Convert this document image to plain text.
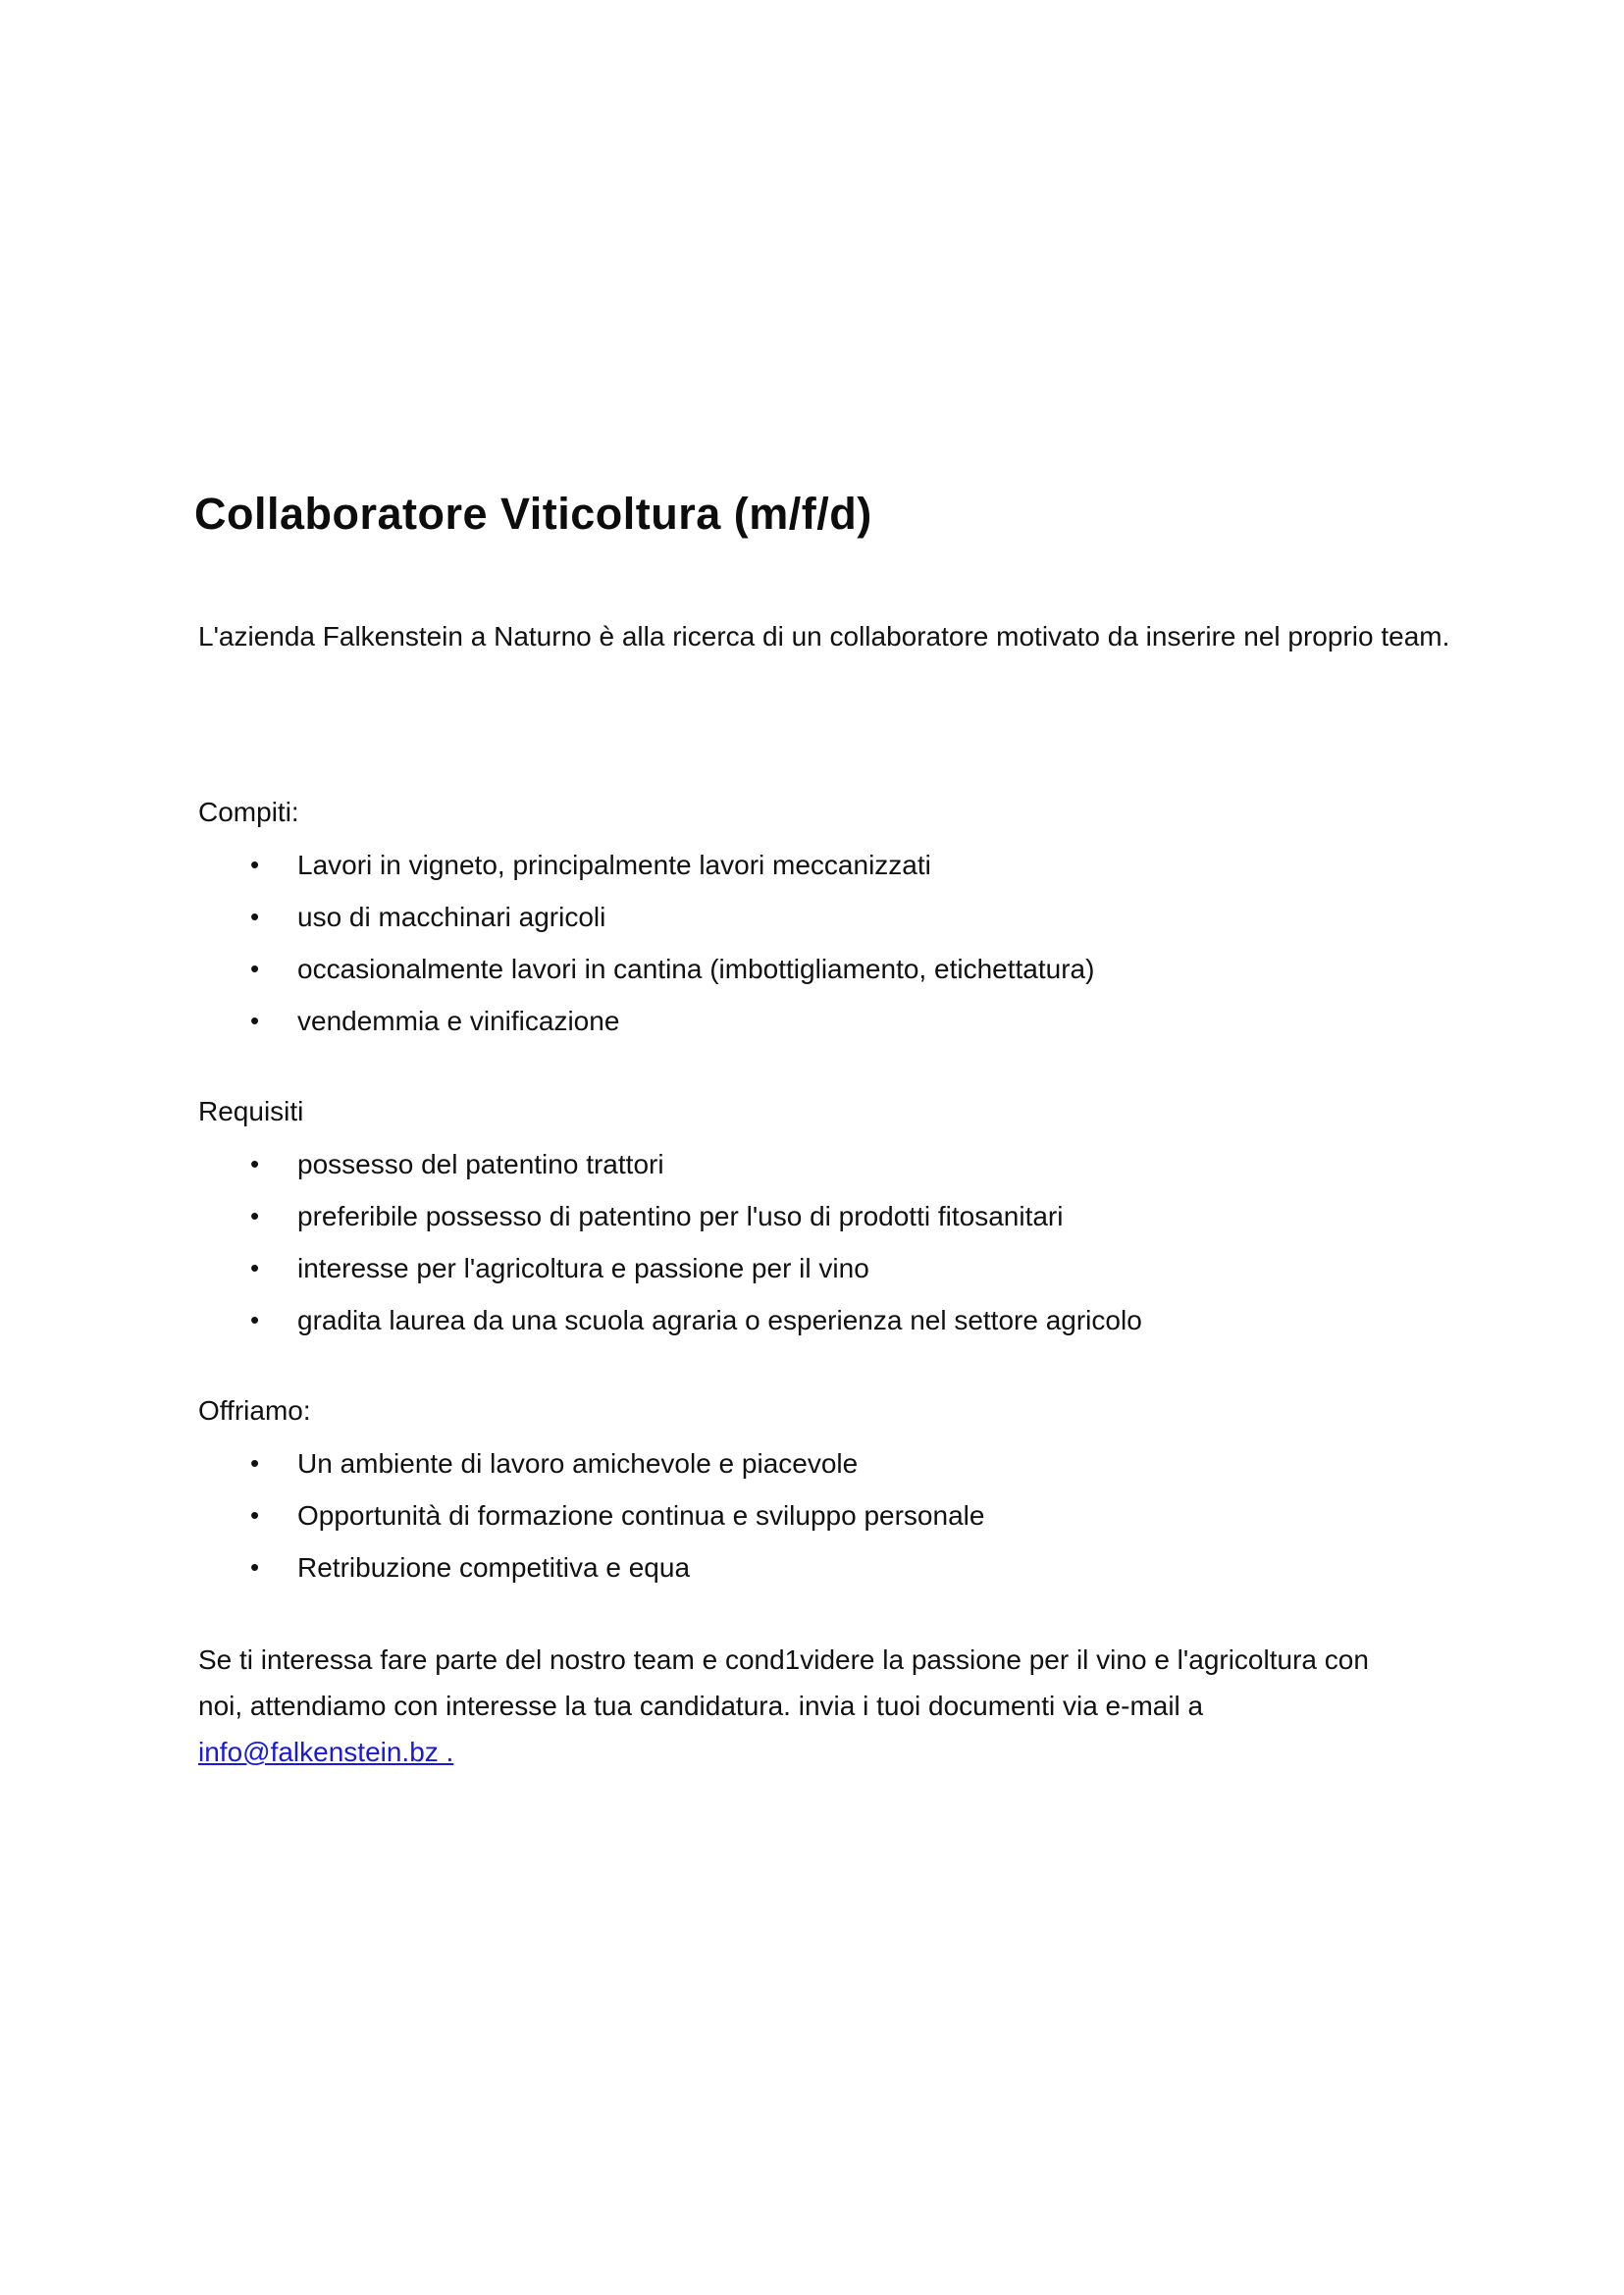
Collaboratore Viticoltura (m/f/d)

L'azienda Falkenstein a Naturno è alla ricerca di un collaboratore motivato da inserire nel proprio team.

Compiti:

• Lavori in vigneto, principalmente lavori meccanizzati
• uso di macchinari agricoli
• occasionalmente lavori in cantina (imbottigliamento, etichettatura)
• vendemmia e vinificazione

Requisiti

• possesso del patentino trattori
• preferibile possesso di patentino per l'uso di prodotti fitosanitari
• interesse per l'agricoltura e passione per il vino
• gradita laurea da una scuola agraria o esperienza nel settore agricolo

Offriamo:

• Un ambiente di lavoro amichevole e piacevole
• Opportunità di formazione continua e sviluppo personale
• Retribuzione competitiva e equa
Se ti interessa fare parte del nostro team e cond1videre la passione per il vino e l'agricoltura con
noi, attendiamo con interesse la tua candidatura. invia i tuoi documenti via e-mail a
info@falkenstein.bz .
